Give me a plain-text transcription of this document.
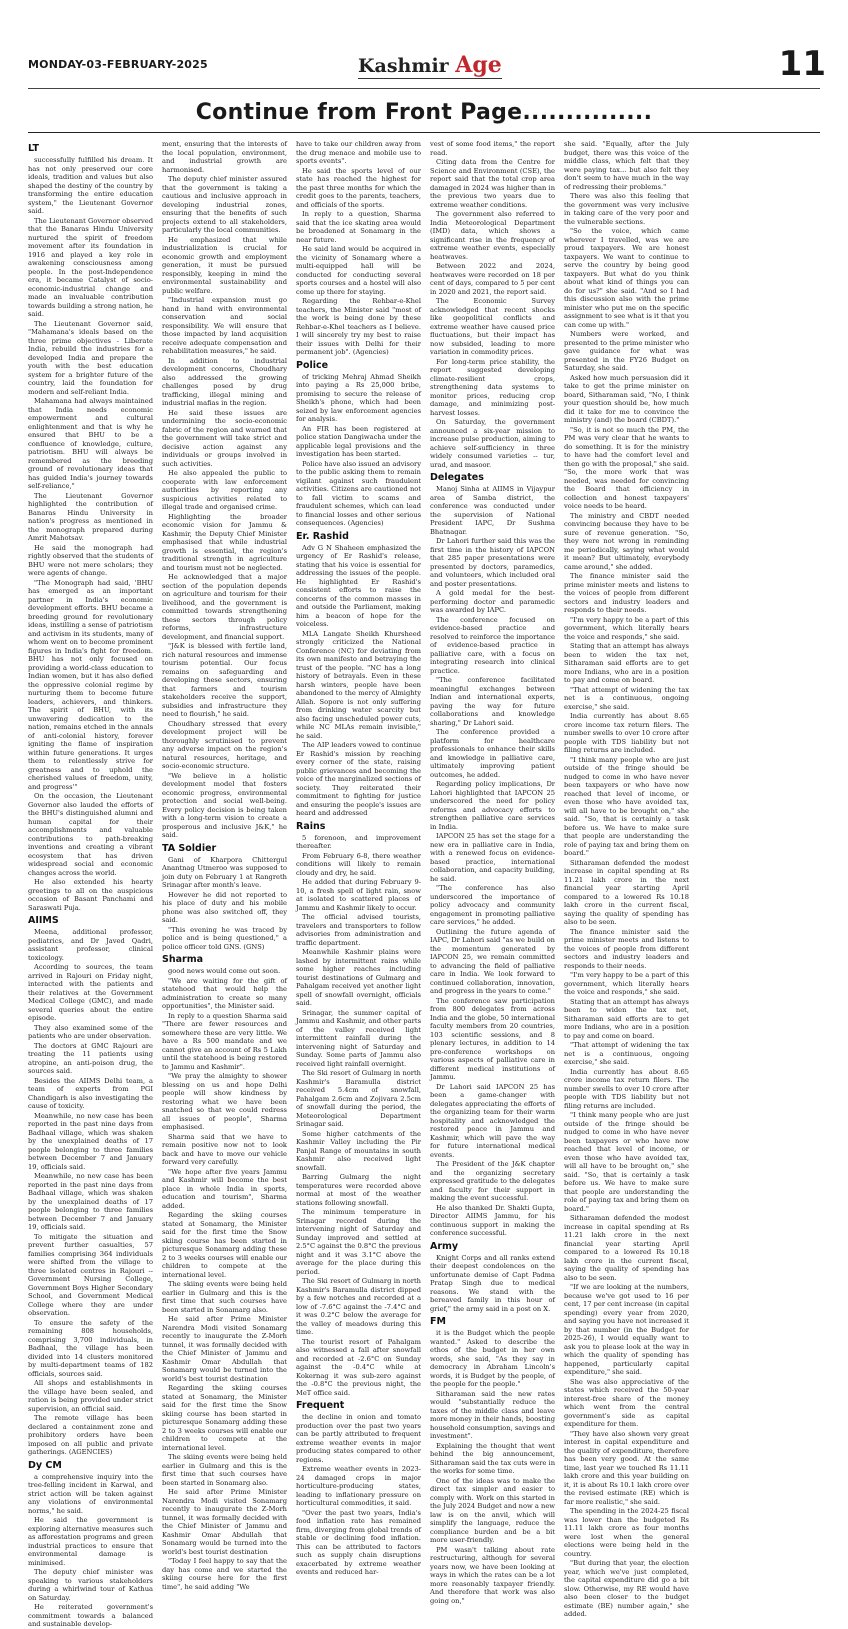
MONDAY-03-FEBRUARY-2025	Kashmir Age	11
Continue from Front Page...............
LT

successfully fulfilled his dream. It has not only preserved our core ideals, tradition and values but also shaped the destiny of the country by transforming the entire education system," the Lieutenant Governor said.

The Lieutenant Governor observed that the Banaras Hindu University nurtured the spirit of freedom movement after its foundation in 1916 and played a key role in awakening consciousness among people. In the post-Independence era, it became Catalyst of socio-economic-industrial change and made an invaluable contribution towards building a strong nation, he said.

The Lieutenant Governor said, "Mahamana's ideals based on the three prime objectives - Liberate India, rebuild the industries for a developed India and prepare the youth with the best education system for a brighter future of the country, laid the foundation for modern and self-reliant India.

Mahamana had always maintained that India needs economic empowerment and cultural enlightenment and that is why he ensured that BHU to be a confluence of knowledge, culture, patriotism. BHU will always be remembered as the breeding ground of revolutionary ideas that has guided India's journey towards self-reliance,"

The Lieutenant Governor highlighted the contribution of Banaras Hindu University in nation's progress as mentioned in the monograph prepared during Amrit Mahotsav.

He said the monograph had rightly observed that the students of BHU were not mere scholars; they were agents of change.

"The Monograph had said, 'BHU has emerged as an important partner in India's economic development efforts. BHU became a breeding ground for revolutionary ideas, instilling a sense of patriotism and activism in its students, many of whom went on to become prominent figures in India's fight for freedom. BHU has not only focused on providing a world-class education to Indian women, but it has also defied the oppressive colonial regime by nurturing them to become future leaders, achievers, and thinkers. The spirit of BHU, with its unwavering dedication to the nation, remains etched in the annals of anti-colonial history, forever igniting the flame of inspiration within future generations. It urges them to relentlessly strive for greatness and to uphold the cherished values of freedom, unity, and progress'"

On the occasion, the Lieutenant Governor also lauded the efforts of the BHU's distinguished alumni and human capital for their accomplishments and valuable contributions to path-breaking inventions and creating a vibrant ecosystem that has driven widespread social and economic changes across the world.

He also extended his hearty greetings to all on the auspicious occasion of Basant Panchami and Saraswati Puja.

AIIMS

Meena, additional professor, pediatrics, and Dr Javed Qadri, assistant professor, clinical toxicology.

According to sources, the team arrived in Rajouri on Friday night, interacted with the patients and their relatives at the Government Medical College (GMC), and made several queries about the entire episode.

They also examined some of the patients who are under observation.

The doctors at GMC Rajouri are treating the 11 patients using atropine, an anti-poison drug, the sources said.

Besides the AIIMS Delhi team, a team of experts from PGI Chandigarh is also investigating the cause of toxicity.

Meanwhile, no new case has been reported in the past nine days from Badhaal village, which was shaken by the unexplained deaths of 17 people belonging to three families between December 7 and January 19, officials said.

Meanwhile, no new case has been reported in the past nine days from Badhaal village, which was shaken by the unexplained deaths of 17 people belonging to three families between December 7 and January 19, officials said.

To mitigate the situation and prevent further casualties, 57 families comprising 364 individuals were shifted from the village to three isolated centres in Rajouri -- Government Nursing College, Government Boys Higher Secondary School, and Government Medical College where they are under observation.

To ensure the safety of the remaining 808 households, comprising 3,700 individuals, in Badhaal, the village has been divided into 14 clusters monitored by multi-department teams of 182 officials, sources said.

All shops and establishments in the village have been sealed, and ration is being provided under strict supervision, an official said.

The remote village has been declared a containment zone and prohibitory orders have been imposed on all public and private gatherings. (AGENCIES)

Dy CM

a comprehensive inquiry into the tree-felling incident in Karwal, and strict action will be taken against any violations of environmental norms," he said.

He said the government is exploring alternative measures such as afforestation programs and green industrial practices to ensure that environmental damage is minimised.

The deputy chief minister was speaking to various stakeholders during a whirlwind tour of Kathua on Saturday.

He reiterated government's commitment towards a balanced and sustainable develop-

ment, ensuring that the interests of the local population, environment, and industrial growth are harmonised.

The deputy chief minister assured that the government is taking a cautious and inclusive approach in developing industrial zones, ensuring that the benefits of such projects extend to all stakeholders, particularly the local communities.

He emphasized that while industrialization is crucial for economic growth and employment generation, it must be pursued responsibly, keeping in mind the environmental sustainability and public welfare.

"Industrial expansion must go hand in hand with environmental conservation and social responsibility. We will ensure that those impacted by land acquisition receive adequate compensation and rehabilitation measures," he said.

In addition to industrial development concerns, Choudhary also addressed the growing challenges posed by drug trafficking, illegal mining and industrial mafias in the region.

He said these issues are undermining the socio-economic fabric of the region and warned that the government will take strict and decisive action against any individuals or groups involved in such activities.

He also appealed the public to cooperate with law enforcement authorities by reporting any suspicious activities related to illegal trade and organised crime.

Highlighting the broader economic vision for Jammu & Kashmir, the Deputy Chief Minister emphasised that while industrial growth is essential, the region's traditional strength in agriculture and tourism must not be neglected.

He acknowledged that a major section of the population depends on agriculture and tourism for their livelihood, and the government is committed towards strengthening these sectors through policy reforms, infrastructure development, and financial support.

"J&K is blessed with fertile land, rich natural resources and immense tourism potential. Our focus remains on safeguarding and developing these sectors, ensuring that farmers and tourism stakeholders receive the support, subsidies and infrastructure they need to flourish," he said.

Choudhary stressed that every development project will be thoroughly scrutinised to prevent any adverse impact on the region's natural resources, heritage, and socio-economic structure.

"We believe in a holistic development model that fosters economic progress, environmental protection and social well-being. Every policy decision is being taken with a long-term vision to create a prosperous and inclusive J&K," he said.

TA Soldier

Gani of Kharpora Chittergul Anantnag Utmeroo was supposed to join duty on February 1 at Rangreth Srinagar after month's leave.

However he did not reported to his place of duty and his mobile phone was also switched off, they said.

"This evening he was traced by police and is being questioned," a police officer told GNS. (GNS)

Sharma

good news would come out soon.

"We are waiting for the gift of statehood that would help the administration to create so many opportunities", the Minister said.

In reply to a question Sharma said "There are fewer resources and somewhere these are very little. We have a Rs 500 mandate and we cannot give an account of Rs 5 Lakh until the statehood is being restored to Jammu and Kashmir".

"We pray the almighty to shower blessing on us and hope Delhi people will show kindness by restoring what we have been snatched so that we could redress all issues of people", Sharma emphasised.

Sharma said that we have to remain positive now not to look back and have to move our vehicle forward very carefully.

"We hope after five years Jammu and Kashmir will become the best place in whole India in sports, education and tourism", Sharma added.

Regarding the skiing courses stated at Sonamarg, the Minister said for the first time the Snow skiing course has been started in picturesque Sonamarg adding these 2 to 3 weeks courses will enable our children to compete at the international level.

The skiing events were being held earlier in Gulmarg and this is the first time that such courses have been started in Sonamarg also.

He said after Prime Minister Narendra Modi visited Sonamarg recently to inaugurate the Z-Morh tunnel, it was formally decided with the Chief Minister of Jammu and Kashmir Omar Abdullah that Sonamarg would be turned into the world's best tourist destination

Regarding the skiing courses stated at Sonamarg, the Minister said for the first time the Snow skiing course has been started in picturesque Sonamarg adding these 2 to 3 weeks courses will enable our children to compete at the international level.

The skiing events were being held earlier in Gulmarg and this is the first time that such courses have been started in Sonamarg also.

He said after Prime Minister Narendra Modi visited Sonamarg recently to inaugurate the Z-Morh tunnel, it was formally decided with the Chief Minister of Jammu and Kashmir Omar Abdullah that Sonamarg would be turned into the world's best tourist destination

"Today I feel happy to say that the day has come and we started the skiing course here for the first time", he said adding "We

have to take our children away from the drug menace and mobile use to sports events".

He said the sports level of our state has reached the highest for the past three months for which the credit goes to the parents, teachers, and officials of the sports.

In reply to a question, Sharma said that the ice skating area would be broadened at Sonamarg in the near future.

He said land would be acquired in the vicinity of Sonamarg where a multi-equipped hall will be conducted for conducting several sports courses and a hostel will also come up there for staying.

Regarding the Rehbar-e-Khel teachers, the Minister said "most of the work is being done by these Rehbar-e-Khel teachers as I believe. I will sincerely try my best to raise their issues with Delhi for their permanent job". (Agencies)

Police

of tricking Mehraj Ahmad Sheikh into paying a Rs 25,000 bribe, promising to secure the release of Sheikh's phone, which had been seized by law enforcement agencies for analysis.

An FIR has been registered at police station Dangiwacha under the applicable legal provisions and the investigation has been started.

Police have also issued an advisory to the public asking them to remain vigilant against such fraudulent activities. Citizens are cautioned not to fall victim to scams and fraudulent schemes, which can lead to financial losses and other serious consequences. (Agencies)

Er. Rashid

Adv G N Shaheen emphasized the urgency of Er Rashid's release, stating that his voice is essential for addressing the issues of the people. He highlighted Er Rashid's consistent efforts to raise the concerns of the common masses in and outside the Parliament, making him a beacon of hope for the voiceless.

MLA Langate Sheikh Khursheed strongly criticized the National Conference (NC) for deviating from its own manifesto and betraying the trust of the people. "NC has a long history of betrayals. Even in these harsh winters, people have been abandoned to the mercy of Almighty Allah. Sopore is not only suffering from drinking water scarcity but also facing unscheduled power cuts, while NC MLAs remain invisible," he said.

The AIP leaders vowed to continue Er Rashid's mission by reaching every corner of the state, raising public grievances and becoming the voice of the marginalized sections of society. They reiterated their commitment to fighting for justice and ensuring the people's issues are heard and addressed

Rains

5 forenoon, and improvement thereafter.

From February 6-8, there weather conditions will likely to remain cloudy and dry, he said.

He added that during February 9-10, a fresh spell of light rain, snow at isolated to scattered places of Jammu and Kashmir likely to occur.

The official advised tourists, travelers and transporters to follow advisories from administration and traffic department.

Meanwhile Kashmir plains were lashed by intermittent rains while some higher reaches including tourist destinations of Gulmarg and Pahalgam received yet another light spell of snowfall overnight, officials said.

Srinagar, the summer capital of Jammu and Kashmir, and other parts of the valley received light intermittent rainfall during the intervening night of Saturday and Sunday. Some parts of Jammu also received light rainfall overnight.

The Ski resort of Gulmarg in north Kashmir's Baramulla district received 5.4cm of snowfall, Pahalgam 2.6cm and Zojivara 2.5cm of snowfall during the period, the Meteorological Department Srinagar said.

Some higher catchments of the Kashmir Valley including the Pir Panjal Range of mountains in south Kashmir also received light snowfall.

Barring Gulmarg the night temperatures were recorded above normal at most of the weather stations following snowfall.

The minimum temperature in Srinagar recorded during the intervening night of Saturday and Sunday improved and settled at 2.5°C against the 0.8°C the previous night and it was 3.1°C above the average for the place during this period.

The Ski resort of Gulmarg in north Kashmir's Baramulla district dipped by a few notches and recorded at a low of -7.6°C against the -7.4°C and it was 0.2°C below the average for the valley of meadows during this time.

The tourist resort of Pahalgam also witnessed a fall after snowfall and recorded at -2.6°C on Sunday against the -0.4°C while at Kokernag it was sub-zero against the -0.8°C the previous night, the MeT office said.

Frequent

the decline in onion and tomato production over the past two years can be partly attributed to frequent extreme weather events in major producing states compared to other regions.

Extreme weather events in 2023-24 damaged crops in major horticulture-producing states, leading to inflationary pressure on horticultural commodities, it said.

"Over the past two years, India's food inflation rate has remained firm, diverging from global trends of stable or declining food inflation. This can be attributed to factors such as supply chain disruptions exacerbated by extreme weather events and reduced har-

vest of some food items," the report read.

Citing data from the Centre for Science and Environment (CSE), the report said that the total crop area damaged in 2024 was higher than in the previous two years due to extreme weather conditions.

The government also referred to India Meteorological Department (IMD) data, which shows a significant rise in the frequency of extreme weather events, especially heatwaves.

Between 2022 and 2024, heatwaves were recorded on 18 per cent of days, compared to 5 per cent in 2020 and 2021, the report said.

The Economic Survey acknowledged that recent shocks like geopolitical conflicts and extreme weather have caused price fluctuations, but their impact has now subsided, leading to more variation in commodity prices.

For long-term price stability, the report suggested developing climate-resilient crops, strengthening data systems to monitor prices, reducing crop damage, and minimizing post-harvest losses.

On Saturday, the government announced a six-year mission to increase pulse production, aiming to achieve self-sufficiency in three widely consumed varieties -- tur, urad, and masoor.

Delegates

Manoj Sinha at AIIMS in Vijaypur area of Samba district, the conference was conducted under the supervision of National President IAPC, Dr Sushma Bhatnagar.

Dr Lahori further said this was the first time in the history of IAPCON that 285 paper presentations were presented by doctors, paramedics, and volunteers, which included oral and poster presentations.

A gold medal for the best-performing doctor and paramedic was awarded by IAPC.

The conference focused on evidence-based practice and resolved to reinforce the importance of evidence-based practice in palliative care, with a focus on integrating research into clinical practice.

"The conference facilitated meaningful exchanges between Indian and international experts, paving the way for future collaborations and knowledge sharing," Dr Lahori said.

The conference provided a platform for healthcare professionals to enhance their skills and knowledge in palliative care, ultimately improving patient outcomes, he added.

Regarding policy implications, Dr Lahori highlighted that IAPCON 25 underscored the need for policy reforms and advocacy efforts to strengthen palliative care services in India.

IAPCON 25 has set the stage for a new era in palliative care in India, with a renewed focus on evidence-based practice, international collaboration, and capacity building, he said.

"The conference has also underscored the importance of policy advocacy and community engagement in promoting palliative care services," he added.

Outlining the future agenda of IAPC, Dr Lahori said "as we build on the momentum generated by IAPCON 25, we remain committed to advancing the field of palliative care in India. We look forward to continued collaboration, innovation, and progress in the years to come."

The conference saw participation from 800 delegates from across India and the globe, 50 international faculty members from 20 countries, 103 scientific sessions, and 8 plenary lectures, in addition to 14 pre-conference workshops on various aspects of palliative care in different medical institutions of Jammu.

Dr Lahori said IAPCON 25 has been a game-changer with delegates appreciating the efforts of the organizing team for their warm hospitality and acknowledged the restored peace in Jammu and Kashmir, which will pave the way for future international medical events.

The President of the J&K chapter and the organizing secretary expressed gratitude to the delegates and faculty for their support in making the event successful.

He also thanked Dr. Shakti Gupta, Director AIIMS Jammu, for his continuous support in making the conference successful.

Army

Knight Corps and all ranks extend their deepest condolences on the unfortunate demise of Capt Padma Pratap Singh due to medical reasons. We stand with the bereaved family in this hour of grief," the army said in a post on X.

FM

it is the Budget which the people wanted." Asked to describe the ethos of the budget in her own words, she said, "As they say in democracy in Abraham Lincoln's words, it is Budget by the people, of the people for the people."

Sitharaman said the new rates would "substantially reduce the taxes of the middle class and leave more money in their hands, boosting household consumption, savings and investment".

Explaining the thought that went behind the big announcement, Sitharaman said the tax cuts were in the works for some time.

One of the ideas was to make the direct tax simpler and easier to comply with. Work on this started in the July 2024 Budget and now a new law is on the anvil, which will simplify the language, reduce the compliance burden and be a bit more user-friendly.

PM wasn't talking about rate restructuring, although for several years now, we have been looking at ways in which the rates can be a lot more reasonably taxpayer friendly. And therefore that work was also going on,"

she said. "Equally, after the July budget, there was this voice of the middle class, which felt that they were paying tax... but also felt they don't seem to have much in the way of redressing their problems."

There was also this feeling that the government was very inclusive in taking care of the very poor and the vulnerable sections.

"So the voice, which came wherever I travelled, was we are proud taxpayers. We are honest taxpayers. We want to continue to serve the country by being good taxpayers. But what do you think about what kind of things you can do for us?" she said. "And so I had this discussion also with the prime minister who put me on the specific assignment to see what is it that you can come up with."

Numbers were worked, and presented to the prime minister who gave guidance for what was presented in the FY26 Budget on Saturday, she said.

Asked how much persuasion did it take to get the prime minister on board, Sitharaman said, "No, I think your question should be, how much did it take for me to convince the ministry (and) the board (CBDT)."

"So, it is not so much the PM, the PM was very clear that he wants to do something. It is for the ministry to have had the comfort level and then go with the proposal," she said. "So, the more work that was needed, was needed for convincing the Board that efficiency in collection and honest taxpayers' voice needs to be heard.

The ministry and CBDT needed convincing because they have to be sure of revenue generation. "So, they were not wrong in reminding me periodically, saying what would it mean? But ultimately, everybody came around," she added.

The finance minister said the prime minister meets and listens to the voices of people from different sectors and industry leaders and responds to their needs.

"I'm very happy to be a part of this government, which literally hears the voice and responds," she said.

Stating that an attempt has always been to widen the tax net, Sitharaman said efforts are to get more Indians, who are in a position to pay and come on board.

"That attempt of widening the tax net is a continuous, ongoing exercise," she said.

India currently has about 8.65 crore income tax return filers. The number swells to over 10 crore after people with TDS liability but not filing returns are included.

"I think many people who are just outside of the fringe should be nudged to come in who have never been taxpayers or who have now reached that level of income, or even those who have avoided tax, will all have to be brought on," she said. "So, that is certainly a task before us. We have to make sure that people are understanding the role of paying tax and bring them on board."

Sitharaman defended the modest increase in capital spending at Rs 11.21 lakh crore in the next financial year starting April compared to a lowered Rs 10.18 lakh crore in the current fiscal, saying the quality of spending has also to be seen.

The finance minister said the prime minister meets and listens to the voices of people from different sectors and industry leaders and responds to their needs.

"I'm very happy to be a part of this government, which literally hears the voice and responds," she said.

Stating that an attempt has always been to widen the tax net, Sitharaman said efforts are to get more Indians, who are in a position to pay and come on board.

"That attempt of widening the tax net is a continuous, ongoing exercise," she said.

India currently has about 8.65 crore income tax return filers. The number swells to over 10 crore after people with TDS liability but not filing returns are included.

"I think many people who are just outside of the fringe should be nudged to come in who have never been taxpayers or who have now reached that level of income, or even those who have avoided tax, will all have to be brought on," she said. "So, that is certainly a task before us. We have to make sure that people are understanding the role of paying tax and bring them on board."

Sitharaman defended the modest increase in capital spending at Rs 11.21 lakh crore in the next financial year starting April compared to a lowered Rs 10.18 lakh crore in the current fiscal, saying the quality of spending has also to be seen.

"If we are looking at the numbers, because we've got used to 16 per cent, 17 per cent increase (in capital spending) every year from 2020, and saying you have not increased it by that number (in the Budget for 2025-26), I would equally want to ask you to please look at the way in which the quality of spending has happened, particularly capital expenditure," she said.

She was also appreciative of the states which received the 50-year interest-free share of the money which went from the central government's side as capital expenditure for them.

"They have also shown very great interest in capital expenditure and the quality of expenditure, therefore has been very good. At the same time, last year we touched Rs 11.11 lakh crore and this year building on it, it is about Rs 10.1 lakh crore over the revised estimate (RE) which is far more realistic," she said.

The spending in the 2024-25 fiscal was lower than the budgeted Rs 11.11 lakh crore as four months were lost when the general elections were being held in the country.

"But during that year, the election year, which we've just completed, the capital expenditure did go a bit slow. Otherwise, my RE would have also been closer to the budget estimate (BE) number again," she added.
